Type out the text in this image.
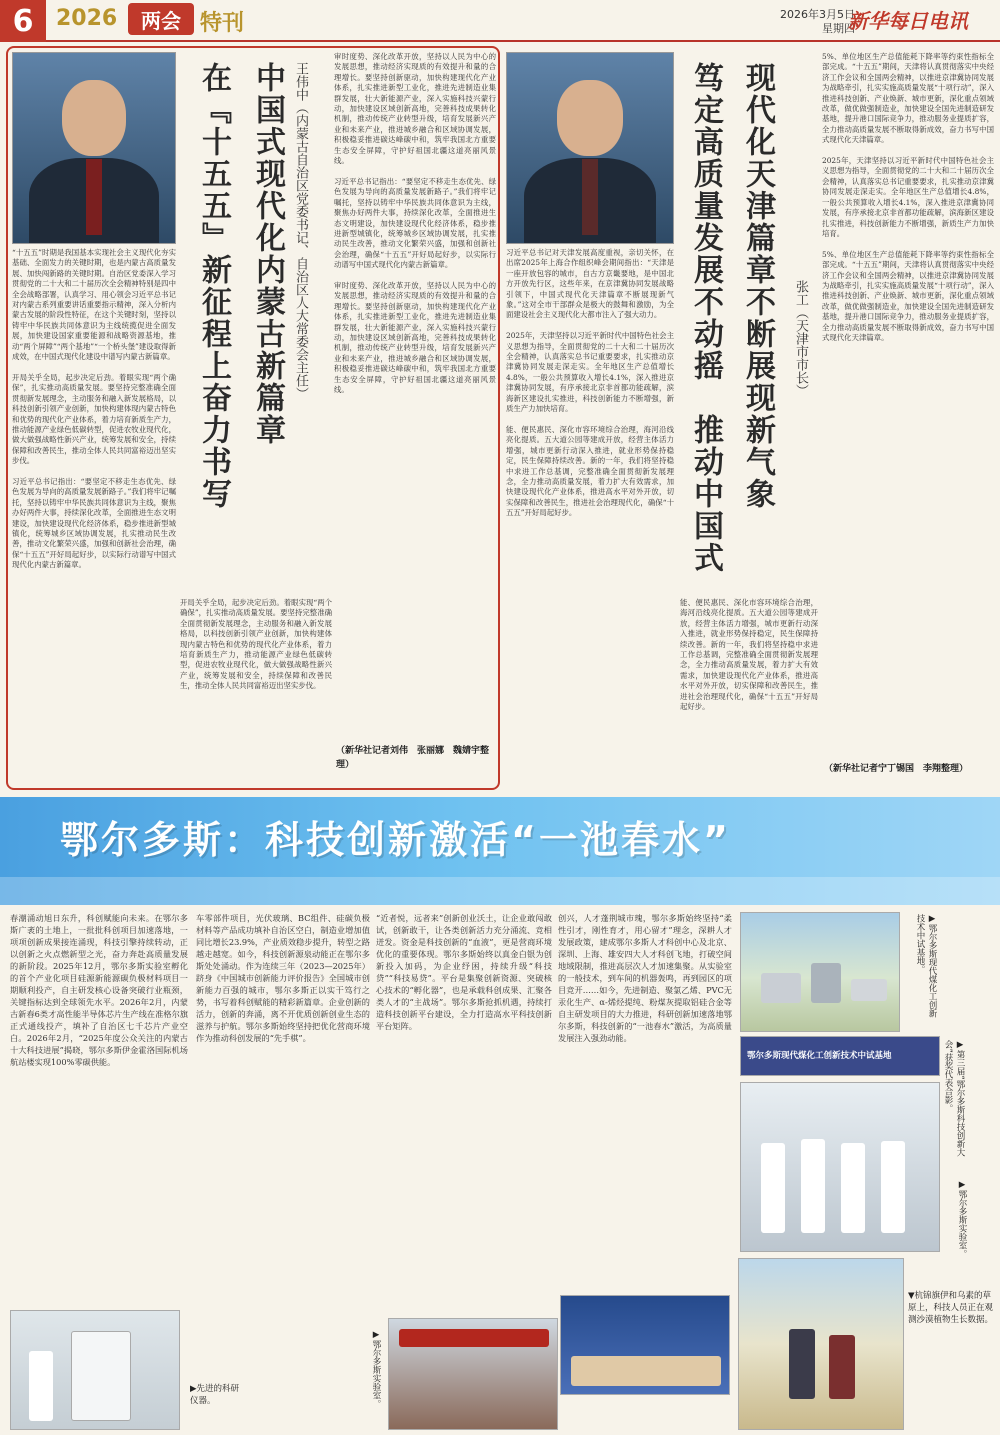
6	2026	两会 特刊	2026年3月5日
星期四
新华每日电讯
中国式现代化内蒙古新篇章
在『十五五』新征程上奋力书写	王伟中（内蒙古自治区党委书记、自治区人大常委会主任）
“十五五”时期是我国基本实现社会主义现代化夯实基础、全面发力的关键时期，也是内蒙古高质量发展、加快闯新路的关键时期。自治区党委深入学习贯彻党的二十大和二十届历次全会精神特别是四中全会战略部署，认真学习、用心领会习近平总书记对内蒙古系列重要讲话重要指示精神，深入分析内蒙古发展的阶段性特征，在这个关键时刻，坚持以铸牢中华民族共同体意识为主线统揽促进全面发展，加快建设国家重要能源和战略资源基地，推动“两个屏障”“两个基地”“一个桥头堡”建设取得新成效，在中国式现代化建设中谱写内蒙古新篇章。

开局关乎全局，起步决定后劲。着眼实现“两个确保”，扎实推动高质量发展。要坚持完整准确全面贯彻新发展理念，主动服务和融入新发展格局，以科技创新引领产业创新，加快构建体现内蒙古特色和优势的现代化产业体系，着力培育新质生产力，推动能源产业绿色低碳转型，促进农牧业现代化，做大做强战略性新兴产业，统筹发展和安全，持续保障和改善民生，推动全体人民共同富裕迈出坚实步伐。

习近平总书记指出：“要坚定不移走生态优先、绿色发展为导向的高质量发展新路子。”我们将牢记嘱托，坚持以铸牢中华民族共同体意识为主线，聚焦办好两件大事，持续深化改革，全面推进生态文明建设，加快建设现代化经济体系，稳步推进新型城镇化，统筹城乡区域协调发展，扎实推动民生改善，推动文化繁荣兴盛，加强和创新社会治理，确保“十五五”开好局起好步，以实际行动谱写中国式现代化内蒙古新篇章。
开局关乎全局，起步决定后劲。着眼实现“两个确保”，扎实推动高质量发展。要坚持完整准确全面贯彻新发展理念，主动服务和融入新发展格局，以科技创新引领产业创新，加快构建体现内蒙古特色和优势的现代化产业体系，着力培育新质生产力，推动能源产业绿色低碳转型，促进农牧业现代化，做大做强战略性新兴产业，统筹发展和安全，持续保障和改善民生，推动全体人民共同富裕迈出坚实步伐。
审时度势、深化改革开放，坚持以人民为中心的发展思想，推动经济实现质的有效提升和量的合理增长。要坚持创新驱动，加快构建现代化产业体系，扎实推进新型工业化，推进先进制造业集群发展，壮大新能源产业，深入实施科技兴蒙行动，加快建设区域创新高地，完善科技成果转化机制，推动传统产业转型升级，培育发展新兴产业和未来产业，推进城乡融合和区域协调发展，积极稳妥推进碳达峰碳中和，筑牢我国北方重要生态安全屏障，守护好祖国北疆这道亮丽风景线。

习近平总书记指出：“要坚定不移走生态优先、绿色发展为导向的高质量发展新路子。”我们将牢记嘱托，坚持以铸牢中华民族共同体意识为主线，聚焦办好两件大事，持续深化改革，全面推进生态文明建设，加快建设现代化经济体系，稳步推进新型城镇化，统筹城乡区域协调发展，扎实推动民生改善，推动文化繁荣兴盛，加强和创新社会治理，确保“十五五”开好局起好步，以实际行动谱写中国式现代化内蒙古新篇章。

审时度势、深化改革开放，坚持以人民为中心的发展思想，推动经济实现质的有效提升和量的合理增长。要坚持创新驱动，加快构建现代化产业体系，扎实推进新型工业化，推进先进制造业集群发展，壮大新能源产业，深入实施科技兴蒙行动，加快建设区域创新高地，完善科技成果转化机制，推动传统产业转型升级，培育发展新兴产业和未来产业，推进城乡融合和区域协调发展，积极稳妥推进碳达峰碳中和，筑牢我国北方重要生态安全屏障，守护好祖国北疆这道亮丽风景线。
（新华社记者刘伟　张丽娜　魏婧宇整理）
现代化天津篇章不断展现新气象
笃定高质量发展不动摇　推动中国式	张工（天津市市长）
习近平总书记对天津发展高度重视，亲切关怀，在出席2025年上海合作组织峰会期间指出：“天津是一座开放包容的城市，自古方京畿要地，是中国北方开放先行区，这些年来，在京津冀协同发展战略引领下，中国式现代化天津篇章不断展现新气象。”这对全市干部群众是极大的鼓舞和激励，为全面建设社会主义现代化大都市注入了强大动力。

2025年，天津坚持以习近平新时代中国特色社会主义思想为指导，全面贯彻党的二十大和二十届历次全会精神，认真落实总书记重要要求，扎实推动京津冀协同发展走深走实。全年地区生产总值增长4.8%，一般公共预算收入增长4.1%，深入推进京津冀协同发展，有序承接北京非首都功能疏解，滨海新区建设扎实推进，科技创新能力不断增强，新质生产力加快培育。

能、便民惠民、深化市容环境综合治理，海河沿线亮化提质。五大道公园等建成开放，经营主体活力增强，城市更新行动深入推进，就业形势保持稳定，民生保障持续改善。新的一年，我们将坚持稳中求进工作总基调，完整准确全面贯彻新发展理念，全力推动高质量发展，着力扩大有效需求，加快建设现代化产业体系，推进高水平对外开放，切实保障和改善民生，推进社会治理现代化，确保“十五五”开好局起好步。
能、便民惠民、深化市容环境综合治理，海河沿线亮化提质。五大道公园等建成开放，经营主体活力增强，城市更新行动深入推进，就业形势保持稳定，民生保障持续改善。新的一年，我们将坚持稳中求进工作总基调，完整准确全面贯彻新发展理念，全力推动高质量发展，着力扩大有效需求，加快建设现代化产业体系，推进高水平对外开放，切实保障和改善民生，推进社会治理现代化，确保“十五五”开好局起好步。
5%、单位地区生产总值能耗下降率等约束性指标全部完成。“十五五”期间，天津将认真贯彻落实中央经济工作会议和全国两会精神，以推进京津冀协同发展为战略牵引，扎实实施高质量发展“十项行动”，深入推进科技创新、产业焕新、城市更新，深化重点领域改革，做优做强制造业，加快建设全国先进制造研发基地，提升港口国际竞争力，推动服务业提质扩容，全力推动高质量发展不断取得新成效，奋力书写中国式现代化天津篇章。

2025年，天津坚持以习近平新时代中国特色社会主义思想为指导，全面贯彻党的二十大和二十届历次全会精神，认真落实总书记重要要求，扎实推动京津冀协同发展走深走实。全年地区生产总值增长4.8%，一般公共预算收入增长4.1%，深入推进京津冀协同发展，有序承接北京非首都功能疏解，滨海新区建设扎实推进，科技创新能力不断增强，新质生产力加快培育。

5%、单位地区生产总值能耗下降率等约束性指标全部完成。“十五五”期间，天津将认真贯彻落实中央经济工作会议和全国两会精神，以推进京津冀协同发展为战略牵引，扎实实施高质量发展“十项行动”，深入推进科技创新、产业焕新、城市更新，深化重点领域改革，做优做强制造业，加快建设全国先进制造研发基地，提升港口国际竞争力，推动服务业提质扩容，全力推动高质量发展不断取得新成效，奋力书写中国式现代化天津篇章。
（新华社记者宁丁锡国　李翔整理）
鄂尔多斯：科技创新激活“一池春水”
春潮涌动旭日东升，科创赋能向未来。在鄂尔多斯广袤的土地上，一批批科创项目加速落地，一项项创新成果接连涌现，科技引擎持续转动，正以创新之火点燃新型之光，奋力奔赴高质量发展的新阶段。2025年12月，鄂尔多斯实验室孵化的首个产业化项目硅源新能源碳负极材料项目一期顺利投产，自主研发核心设备突破行业瓶颈，关键指标达到全球领先水平。2026年2月，内蒙古新春6类才高性能半导体芯片生产线在准格尔旗正式通线投产，填补了自治区七千芯片产业空白。2026年2月，“2025年度公众关注的内蒙古十大科技进展”揭晓，鄂尔多斯伊金霍洛国际机场航站楼实现100%零碳供能。
车零部件项目，光伏玻璃、BC组件、硅碳负极材料等产品成功填补自治区空白，制造业增加值同比增长23.9%，产业质效稳步提升，转型之路越走越宽。如今，科技创新源泉动能正在鄂尔多斯处处涌动。作为连续三年（2023—2025年）跻身《中国城市创新能力评价报告》全国城市创新能力百强的城市，鄂尔多斯正以实干笃行之势，书写着科创赋能的精彩新篇章。企业创新的活力，创新的奔涌，离不开优质创新创业生态的滋养与护航。鄂尔多斯始终坚持把优化营商环境作为推动科创发展的“先手棋”。
“近者悦，远者来”创新创业沃土，让企业敢闯敢试，创新敢干，让各类创新活力充分涌流、竞相迸发。资金是科技创新的“血液”，更是营商环境优化的重要体现。鄂尔多斯始终以真金白银为创新投入加码，为企业纾困，持续升级“科技贷”“科技易贷”。平台是集聚创新资源、突破核心技术的“孵化器”，也是承载科创成果、汇聚各类人才的“主战场”。鄂尔多斯抢抓机遇，持续打造科技创新平台建设，全力打造高水平科技创新平台矩阵。
创兴，人才蓬荆城市瑰，鄂尔多斯始终坚持“柔性引才，刚性育才，用心留才”理念，深耕人才发展政策，建成鄂尔多斯人才科创中心及北京、深圳、上海、雄安四大人才科创飞地，打破空间地域限制，推进高层次人才加速集聚。从实验室的一般技术，到车间的机器轰鸣，再到园区的项目竞开……如今，先进制造、聚氯乙烯、PVC无汞化生产、α-烯烃提纯、粉煤灰提取铝硅合金等自主研发项目的大力推进，科研创新加速落地鄂尔多斯，科技创新的“一池春水”激活，为高质量发展注入强劲动能。
▶鄂尔多斯现代煤化工创新技术中试基地。
鄂尔多斯现代煤化工创新技术中试基地	▶第三届“鄂尔多斯科技创新大会”获奖代表合影。
▶鄂尔多斯实验室。
▼杭锦旗伊和乌素的草原上，科技人员正在观测沙漠植物生长数据。
▶先进的科研仪器。	▶鄂尔多斯实验室。
